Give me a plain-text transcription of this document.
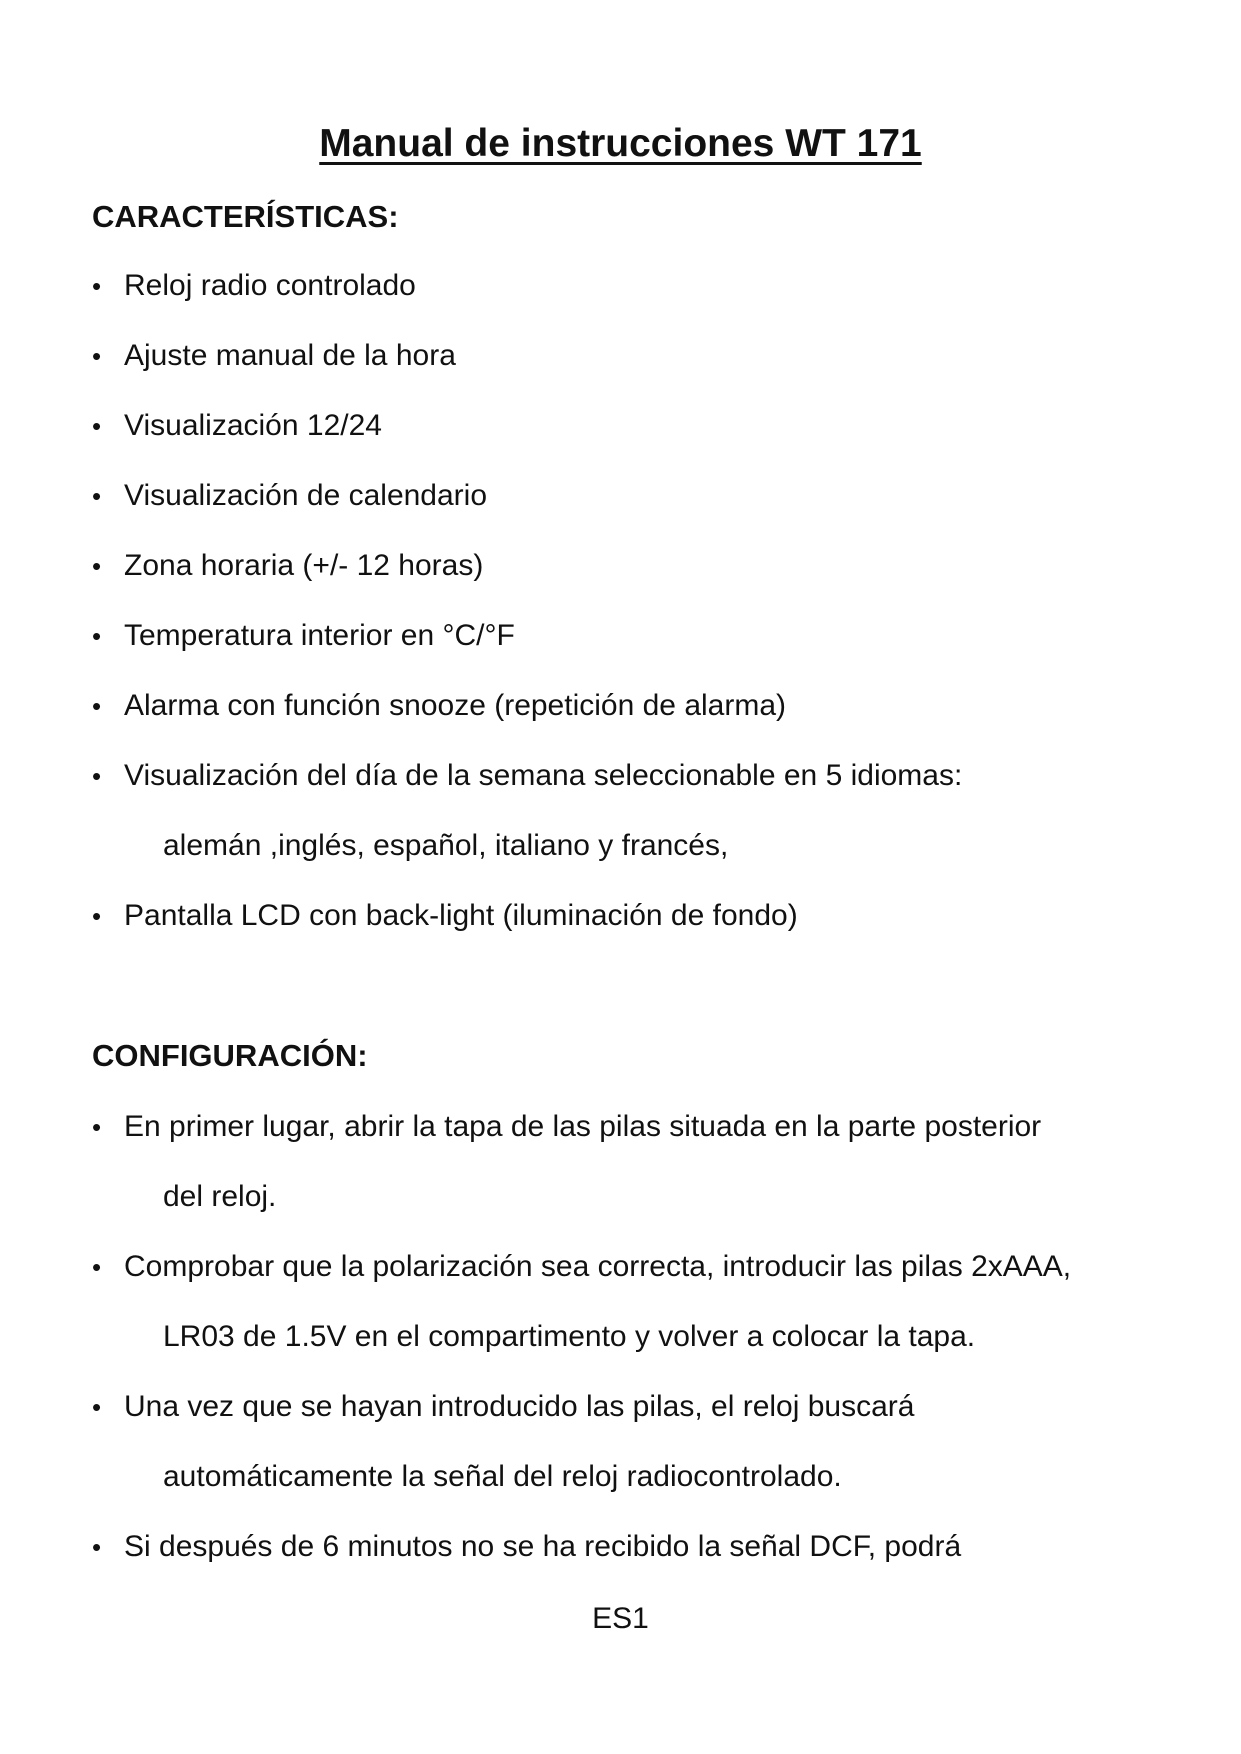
Manual de instrucciones WT 171
CARACTERÍSTICAS:
• Reloj radio controlado
• Ajuste manual de la hora
• Visualización 12/24
• Visualización de calendario
• Zona horaria (+/- 12 horas)
• Temperatura interior en °C/°F
• Alarma con función snooze (repetición de alarma)
• Visualización del día de la semana seleccionable en 5 idiomas:
alemán ,inglés, español, italiano y francés,
• Pantalla LCD con back-light (iluminación de fondo)
CONFIGURACIÓN:
• En primer lugar, abrir la tapa de las pilas situada en la parte posterior
del reloj.
• Comprobar que la polarización sea correcta, introducir las pilas 2xAAA,
LR03 de 1.5V en el compartimento y volver a colocar la tapa.
• Una vez que se hayan introducido las pilas, el reloj buscará
automáticamente la señal del reloj radiocontrolado.
• Si después de 6 minutos no se ha recibido la señal DCF, podrá
ES1
